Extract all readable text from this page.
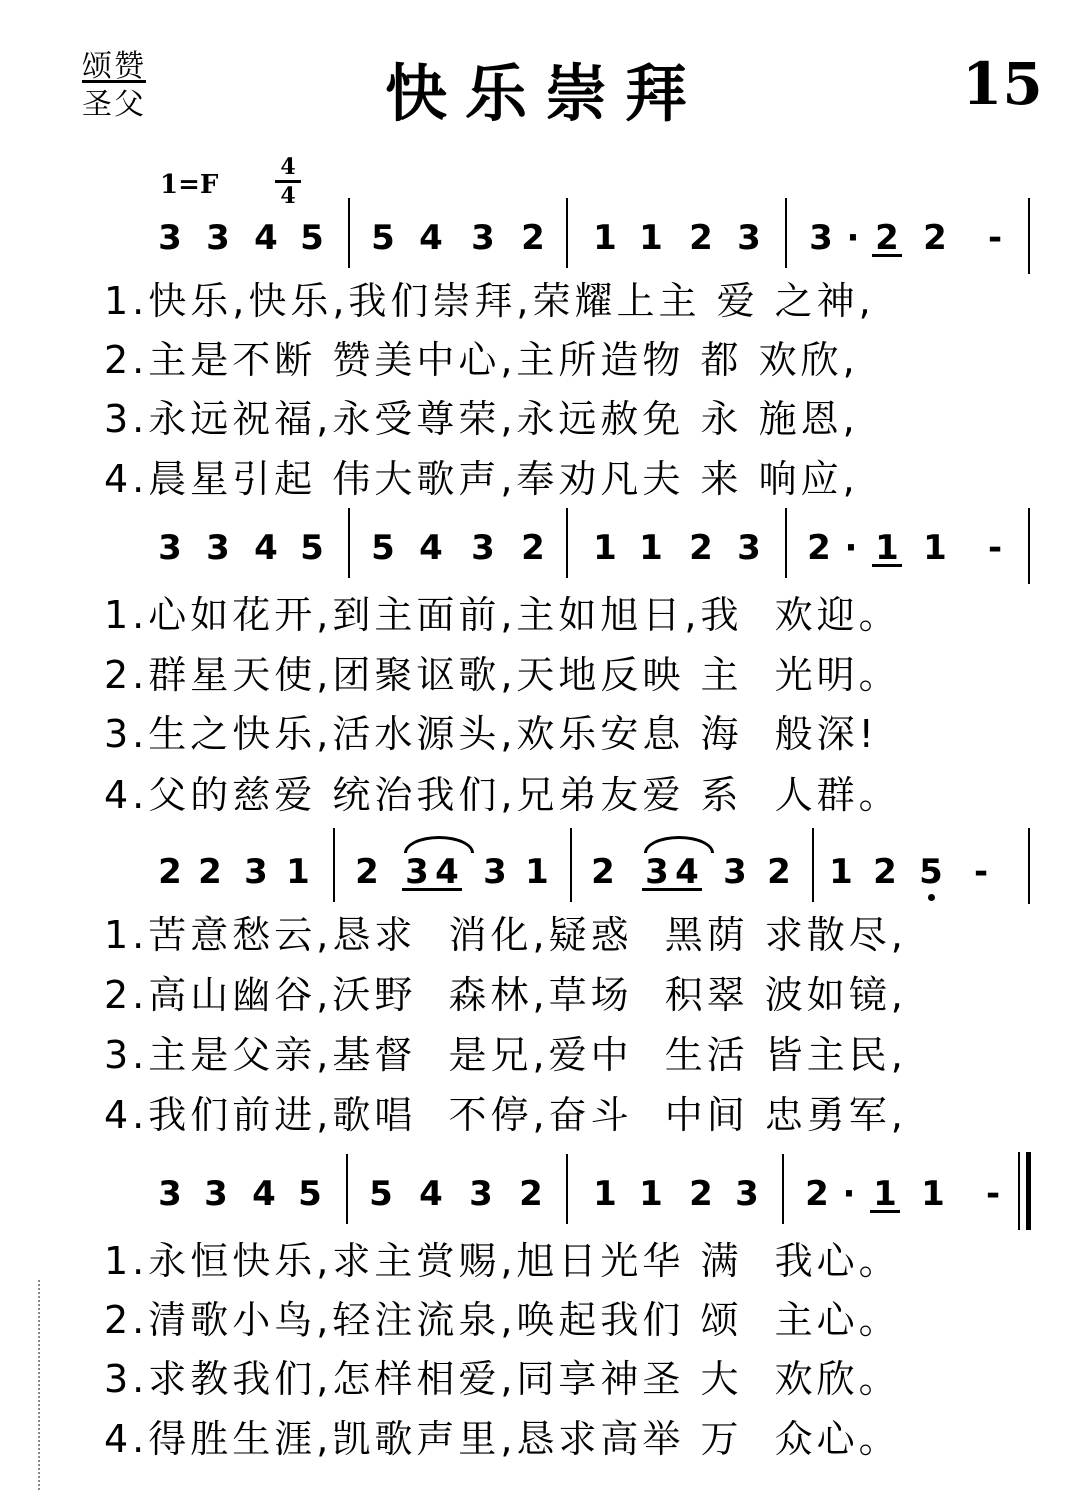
颂赞
圣父	快乐崇拜	15
1=F
4
4
3 3 4 5 5 4 3 2 1 1 2 3 3 · 2 2 -
1.快乐,快乐,我们崇拜,荣耀上主 爱 之神,
2.主是不断 赞美中心,主所造物 都 欢欣,
3.永远祝福,永受尊荣,永远赦免 永 施恩,
4.晨星引起 伟大歌声,奉劝凡夫 来 响应,
3 3 4 5 5 4 3 2 1 1 2 3 2 · 1 1 -
1.心如花开,到主面前,主如旭日,我  欢迎。
2.群星天使,团聚讴歌,天地反映 主  光明。
3.生之快乐,活水源头,欢乐安息 海  般深!
4.父的慈爱 统治我们,兄弟友爱 系  人群。
2 2 3 1 2 3 4 3 1 2 3 4 3 2 1 2 5 -
1.苦意愁云,恳求  消化,疑惑  黑荫 求散尽,
2.高山幽谷,沃野  森林,草场  积翠 波如镜,
3.主是父亲,基督  是兄,爱中  生活 皆主民,
4.我们前进,歌唱  不停,奋斗  中间 忠勇军,
3 3 4 5 5 4 3 2 1 1 2 3 2 · 1 1 -
1.永恒快乐,求主赏赐,旭日光华 满  我心。
2.清歌小鸟,轻注流泉,唤起我们 颂  主心。
3.求教我们,怎样相爱,同享神圣 大  欢欣。
4.得胜生涯,凯歌声里,恳求高举 万  众心。
